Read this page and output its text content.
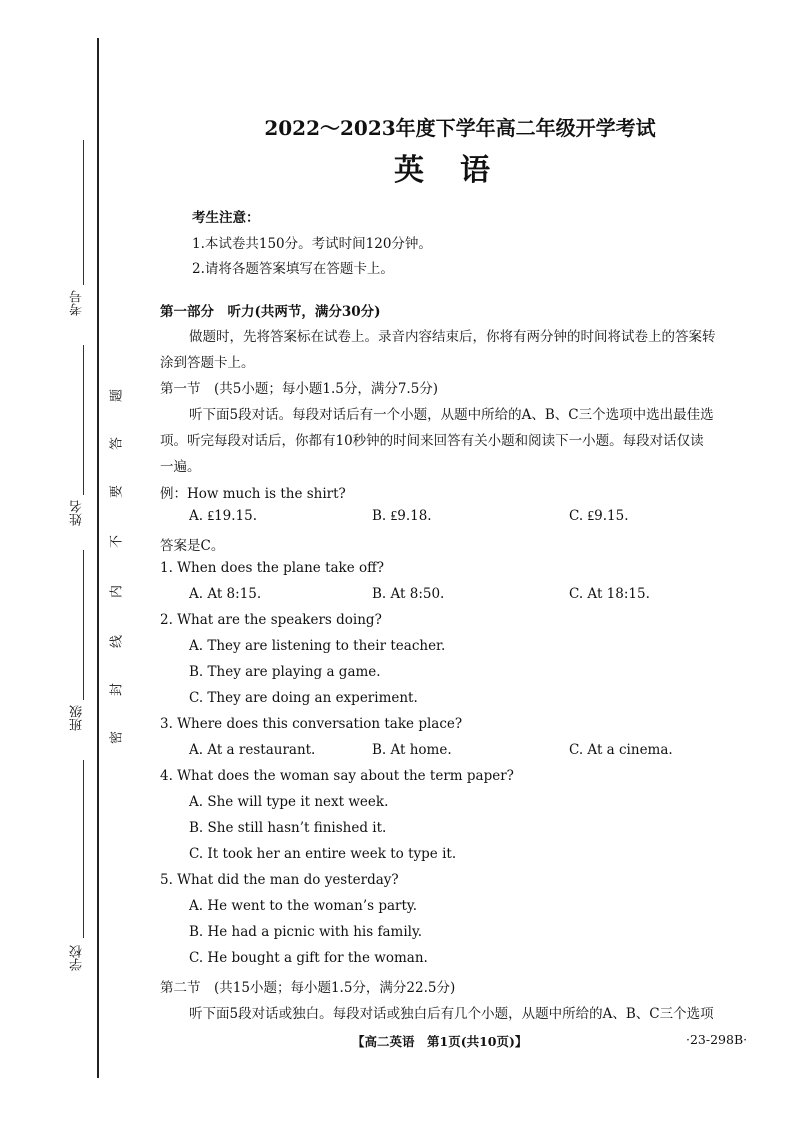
考号
姓名
班级
学校
密
封
线
内
不
要
答
题
2022～2023年度下学年高二年级开学考试
英语
考生注意：
1.本试卷共150分。考试时间120分钟。
2.请将各题答案填写在答题卡上。
第一部分　听力(共两节，满分30分)
做题时，先将答案标在试卷上。录音内容结束后，你将有两分钟的时间将试卷上的答案转
涂到答题卡上。
第一节　(共5小题；每小题1.5分，满分7.5分)
听下面5段对话。每段对话后有一个小题，从题中所给的A、B、C三个选项中选出最佳选
项。听完每段对话后，你都有10秒钟的时间来回答有关小题和阅读下一小题。每段对话仅读
一遍。
例：How much is the shirt?
A. ₤19.15.	B. ₤9.18.	C. ₤9.15.
答案是C。
1. When does the plane take off?
A. At 8:15.	B. At 8:50.	C. At 18:15.
2. What are the speakers doing?
A. They are listening to their teacher.
B. They are playing a game.
C. They are doing an experiment.
3. Where does this conversation take place?
A. At a restaurant.	B. At home.	C. At a cinema.
4. What does the woman say about the term paper?
A. She will type it next week.
B. She still hasn’t finished it.
C. It took her an entire week to type it.
5. What did the man do yesterday?
A. He went to the woman’s party.
B. He had a picnic with his family.
C. He bought a gift for the woman.
第二节　(共15小题；每小题1.5分，满分22.5分)
听下面5段对话或独白。每段对话或独白后有几个小题，从题中所给的A、B、C三个选项
【高二英语　第1页(共10页)】	·23-298B·
